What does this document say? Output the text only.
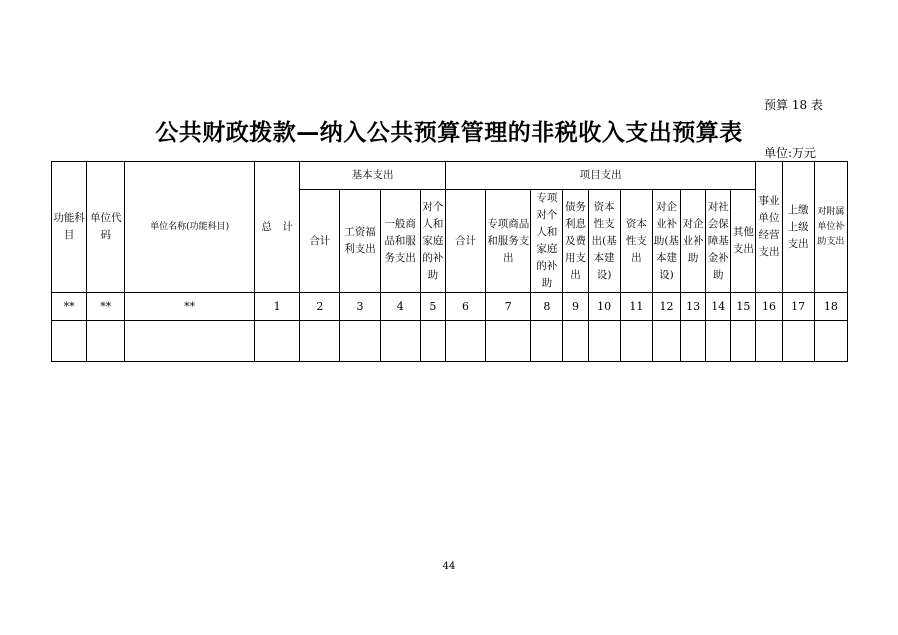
预算 18 表
公共财政拨款—纳入公共预算管理的非税收入支出预算表
单位:万元
功能科目	单位代码	单位名称(功能科目)	总　计	基本支出				项目支出										事业单位经营支出	上缴上级支出	对附属单位补助支出
				合计	工资福利支出	一般商品和服务支出	对个人和家庭的补助	合计	专项商品和服务支出	专项对个人和家庭的补助	债务利息及费用支出	资本性支出(基本建设)	资本性支出	对企业补助(基本建设)	对企业补助	对社会保障基金补助	其他支出			
**	**	**	1	2	3	4	5	6	7	8	9	10	11	12	13	14	15	16	17	18

44
